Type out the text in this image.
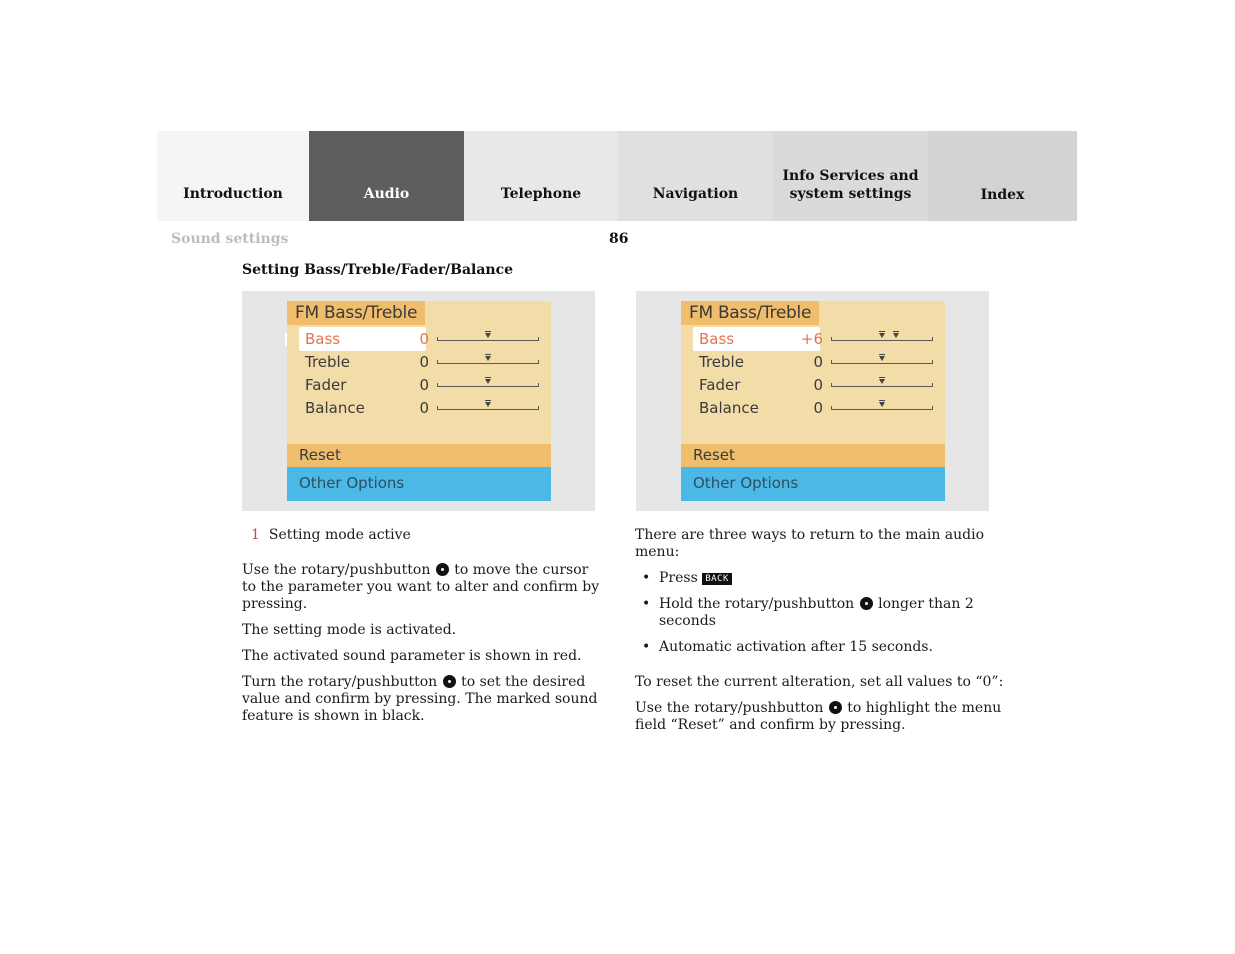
Introduction	Audio	Telephone	Navigation
Info Services and
system settings	Index
Sound settings	86
Setting Bass/Treble/Fader/Balance
FM Bass/Treble
Bass	0
Treble	0
Fader	0
Balance	0
Reset
Other Options
FM Bass/Treble
Bass	+6
Treble	0
Fader	0
Balance	0
Reset
Other Options

1 Setting mode active

Use the rotary/pushbutton  to move the cursor to the parameter you want to alter and confirm by pressing.

The setting mode is activated.

The activated sound parameter is shown in red.

Turn the rotary/pushbutton  to set the desired value and confirm by pressing. The marked sound feature is shown in black.

There are three ways to return to the main audio menu:

• Press BACK
• Hold the rotary/pushbutton  longer than 2 seconds
• Automatic activation after 15 seconds.

To reset the current alteration, set all values to “0”:

Use the rotary/pushbutton  to highlight the menu field “Reset” and confirm by pressing.
